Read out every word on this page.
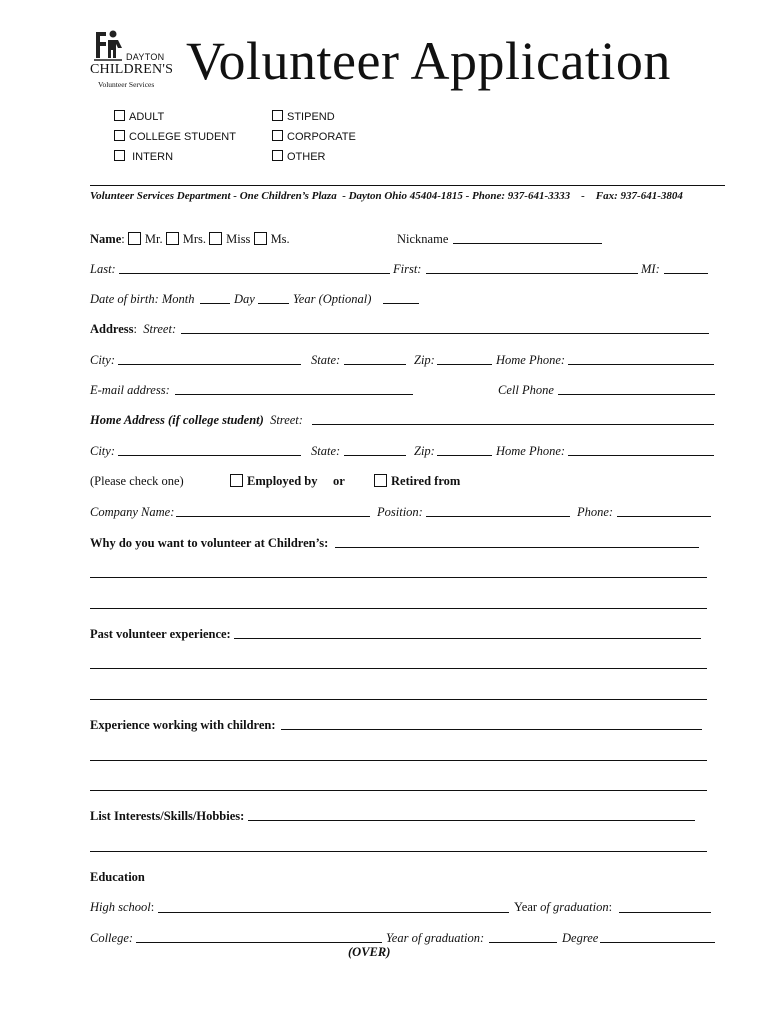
DAYTON
CHILDREN'S
Volunteer Services Volunteer Application
ADULT	STIPEND
COLLEGE STUDENT	CORPORATE
INTERN	OTHER
Volunteer Services Department - One Children’s Plaza  - Dayton Ohio 45404-1815 - Phone: 937-641-3333    -    Fax: 937-641-3804
Name: Mr. Mrs. Miss Ms.	Nickname
Last:	First:	MI:
Date of birth: Month	Day	Year (Optional)
Address:  Street:
City:	State:	Zip:	Home Phone:
E-mail address:	Cell Phone
Home Address (if college student) Street:
City:	State:	Zip:	Home Phone:
(Please check one)	Employed by or	Retired from
Company Name:	Position:	Phone:
Why do you want to volunteer at Children’s:
Past volunteer experience:
Experience working with children:
List Interests/Skills/Hobbies:
Education
High school:	Year of graduation:
College:	Year of graduation:	Degree
(OVER)
